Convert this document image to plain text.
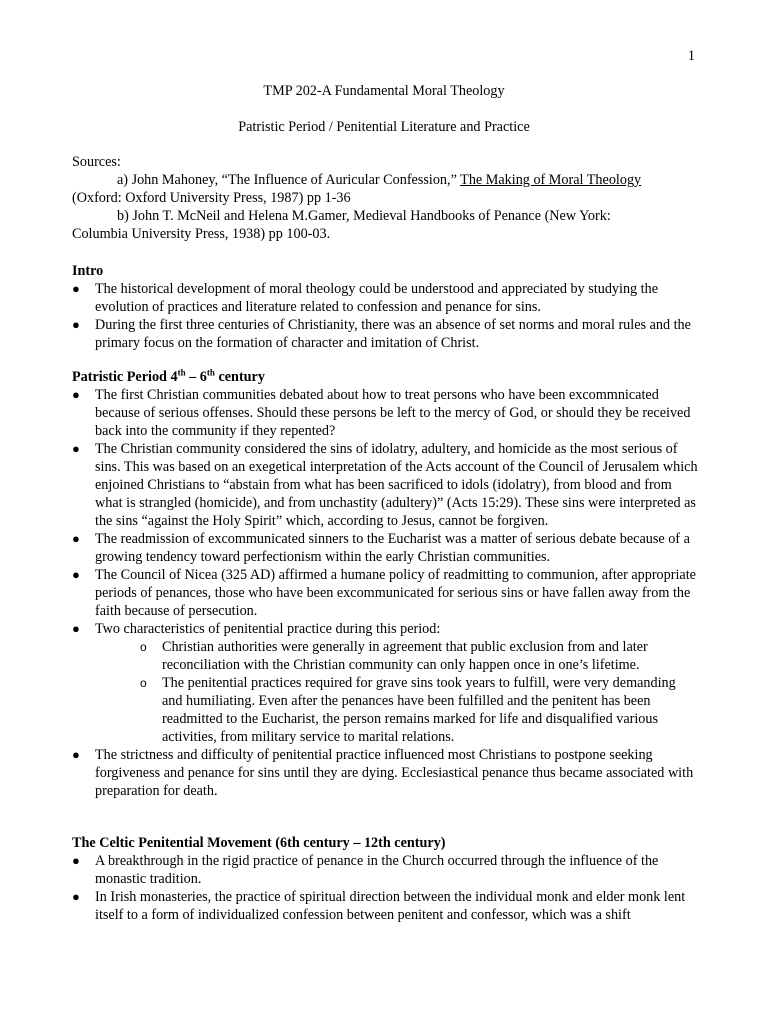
1
TMP 202-A Fundamental Moral Theology
Patristic Period / Penitential Literature and Practice

Sources:

a) John Mahoney, “The Influence of Auricular Confession,” The Making of Moral Theology

(Oxford: Oxford University Press, 1987) pp 1-36

b) John T. McNeil and Helena M.Gamer, Medieval Handbooks of Penance (New York:

Columbia University Press, 1938) pp 100-03.

Intro
● The historical development of moral theology could be understood and appreciated by studying the evolution of practices and literature related to confession and penance for sins.
● During the first three centuries of Christianity, there was an absence of set norms and moral rules and the primary focus on the formation of character and imitation of Christ.
Patristic Period 4th – 6th century
● The first Christian communities debated about how to treat persons who have been excommnicated because of serious offenses. Should these persons be left to the mercy of God, or should they be received back into the community if they repented?
● The Christian community considered the sins of idolatry, adultery, and homicide as the most serious of sins. This was based on an exegetical interpretation of the Acts account of the Council of Jerusalem which enjoined Christians to “abstain from what has been sacrificed to idols (idolatry), from blood and from what is strangled (homicide), and from unchastity (adultery)” (Acts 15:29). These sins were interpreted as the sins “against the Holy Spirit” which, according to Jesus, cannot be forgiven.
● The readmission of excommunicated sinners to the Eucharist was a matter of serious debate because of a growing tendency toward perfectionism within the early Christian communities.
● The Council of Nicea (325 AD) affirmed a humane policy of readmitting to communion, after appropriate periods of penances, those who have been excommunicated for serious sins or have fallen away from the faith because of persecution.
● Two characteristics of penitential practice during this period:
o Christian authorities were generally in agreement that public exclusion from and later reconciliation with the Christian community can only happen once in one’s lifetime.
o The penitential practices required for grave sins took years to fulfill, were very demanding and humiliating. Even after the penances have been fulfilled and the penitent has been readmitted to the Eucharist, the person remains marked for life and disqualified various activities, from military service to marital relations.
● The strictness and difficulty of penitential practice influenced most Christians to postpone seeking forgiveness and penance for sins until they are dying. Ecclesiastical penance thus became associated with preparation for death.
The Celtic Penitential Movement (6th century – 12th century)
● A breakthrough in the rigid practice of penance in the Church occurred through the influence of the monastic tradition.
● In Irish monasteries, the practice of spiritual direction between the individual monk and elder monk lent itself to a form of individualized confession between penitent and confessor, which was a shift
